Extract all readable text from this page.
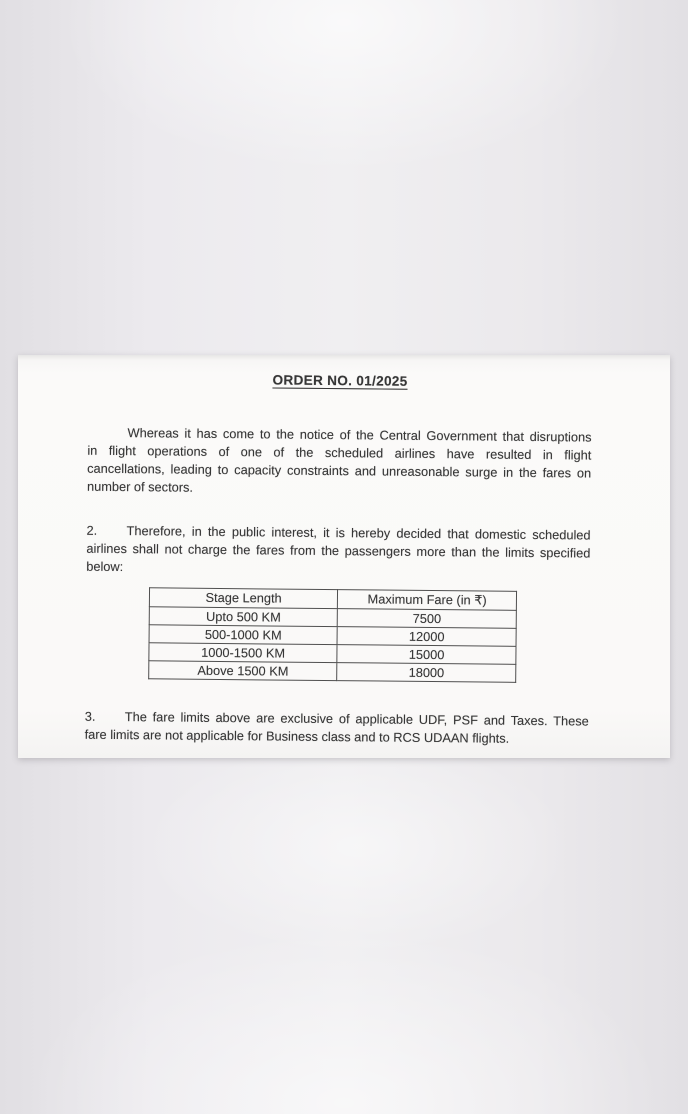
ORDER NO. 01/2025
Whereas it has come to the notice of the Central Government that disruptions
in flight operations of one of the scheduled airlines have resulted in flight
cancellations, leading to capacity constraints and unreasonable surge in the fares on
number of sectors.
2. Therefore, in the public interest, it is hereby decided that domestic scheduled
airlines shall not charge the fares from the passengers more than the limits specified
below:
Stage Length	Maximum Fare (in ₹)
Upto 500 KM	7500
500-1000 KM	12000
1000-1500 KM	15000
Above 1500 KM	18000
3. The fare limits above are exclusive of applicable UDF, PSF and Taxes. These
fare limits are not applicable for Business class and to RCS UDAAN flights.
